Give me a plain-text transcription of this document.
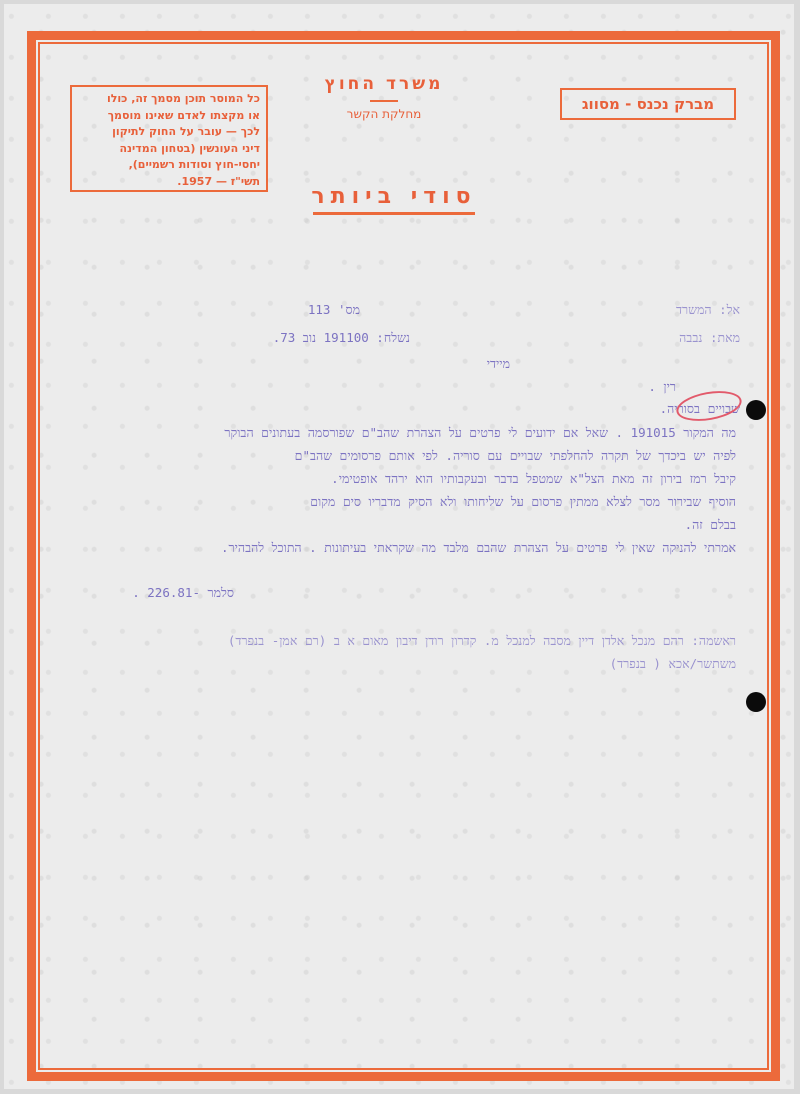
כל המוסר תוכן מסמך זה, כולו
או מקצתו לאדם שאינו מוסמך
לכך — עובר על החוק לתיקון
דיני העונשין (בטחון המדינה
יחסי-חוץ וסודות רשמיים),
תשי"ז — 1957.
משרד החוץ
מחלקת הקשר
מברק נכנס - מסווג
סודי ביותר
מס' 113	אל: המשרד
מאת: נבבה
נשלח: 191100 נוב 73.
מיידי
רין .
שבויים בסוריה.
מה המקור 191015 . שאל אם ידועים לי פרטים על הצהרת שהב"ם שפורסמה בעתונים הבוקר
לפיה יש ביכדך של תקרה להחלפתי שבויים עם סוריה. לפי אותם פרסומים שהב"ם
קיבל רמז בירון זה מאת הצל"א שמטפל בדבר ובעקבותיו הוא ירהד אופטימי.
הוסיף שבירור מסר לצלא ממתין פרסום על שליחותו ולא הסיק מדבריו סים מקום
בבלם זה.
אמרתי להניקה שאין לי פרטים על הצהרת שהבם מלבד מה שקראתי בעיתונות . התוכל להבהיר.
סלמר -226.81 .
ראשמה: רהם מנכל אלדן דיין מסבה למנכל מ. קדרון רודן דיבון מאום א ב (רם אמן- בנפרד)
משתשר/אכא ( בנפרד)
